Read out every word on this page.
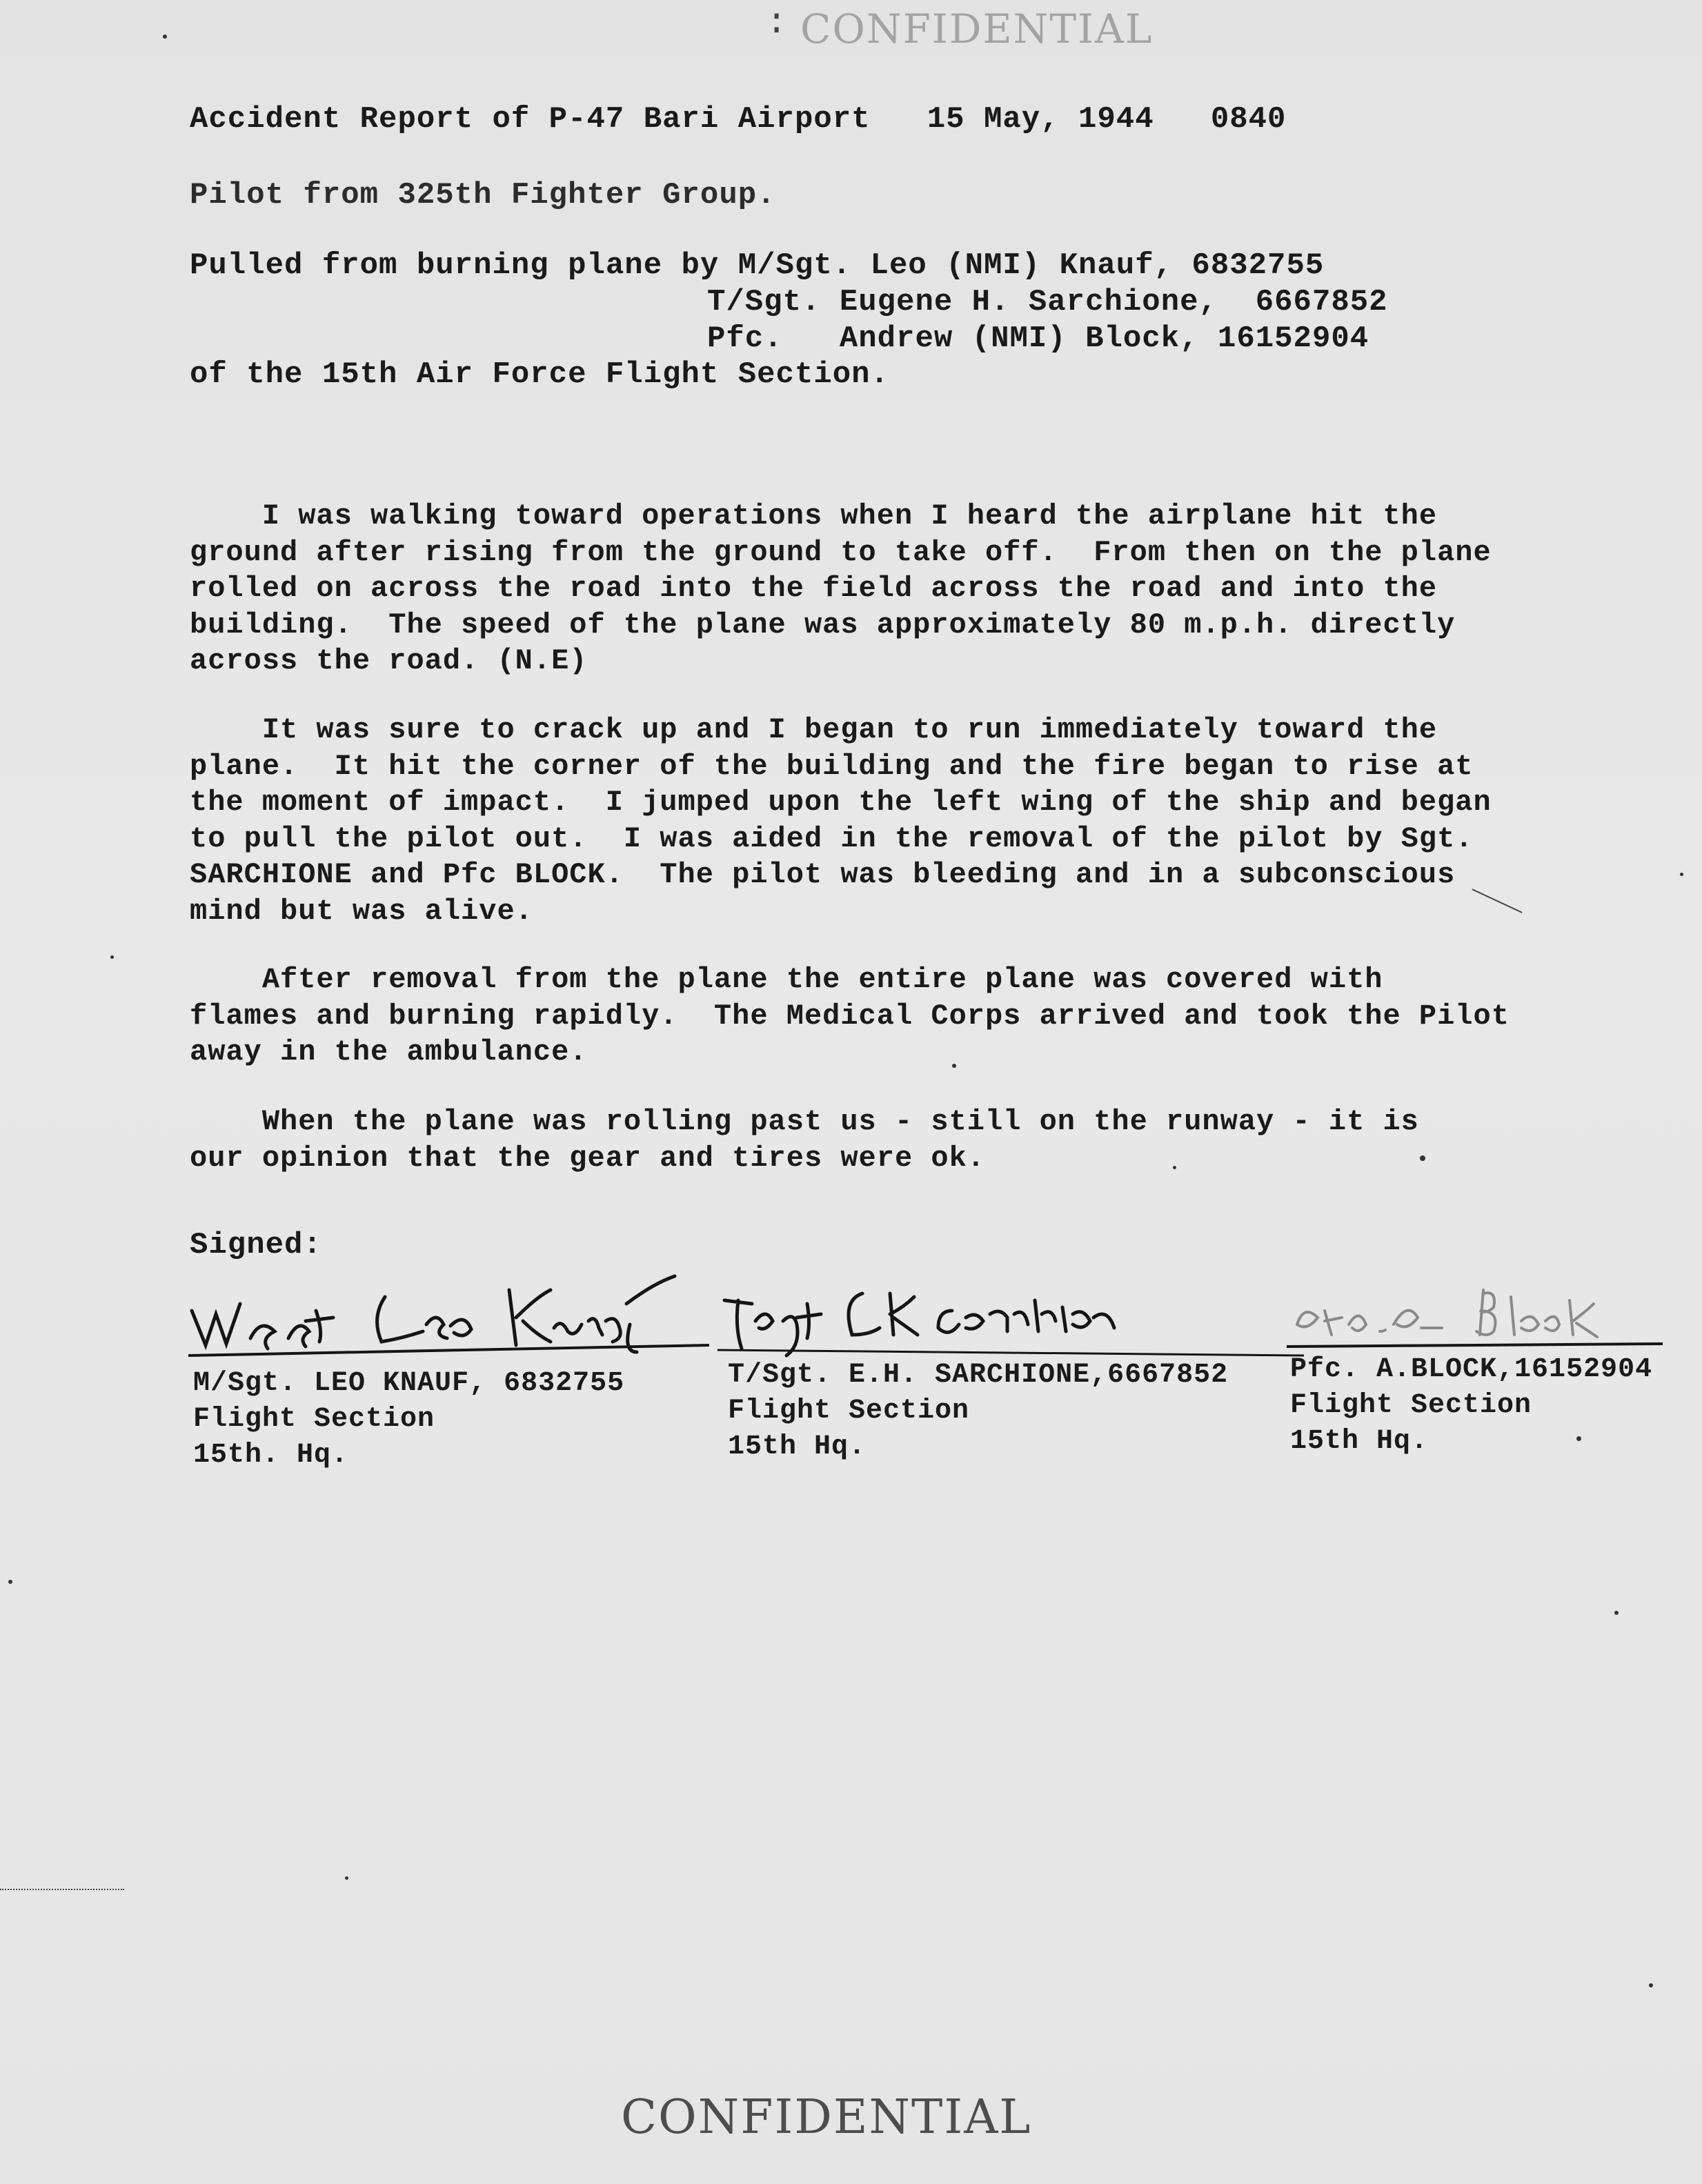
: CONFIDENTIAL
Accident Report of P-47 Bari Airport   15 May, 1944   0840
Pilot from 325th Fighter Group.
Pulled from burning plane by M/Sgt. Leo (NMI) Knauf, 6832755
T/Sgt. Eugene H. Sarchione,  6667852
Pfc.   Andrew (NMI) Block, 16152904
of the 15th Air Force Flight Section.
I was walking toward operations when I heard the airplane hit the
ground after rising from the ground to take off.  From then on the plane
rolled on across the road into the field across the road and into the
building.  The speed of the plane was approximately 80 m.p.h. directly
across the road. (N.E)
It was sure to crack up and I began to run immediately toward the
plane.  It hit the corner of the building and the fire began to rise at
the moment of impact.  I jumped upon the left wing of the ship and began
to pull the pilot out.  I was aided in the removal of the pilot by Sgt.
SARCHIONE and Pfc BLOCK.  The pilot was bleeding and in a subconscious
mind but was alive.
After removal from the plane the entire plane was covered with
flames and burning rapidly.  The Medical Corps arrived and took the Pilot
away in the ambulance.
When the plane was rolling past us - still on the runway - it is
our opinion that the gear and tires were ok.
Signed:
M/Sgt. LEO KNAUF, 6832755
Flight Section
15th. Hq.
T/Sgt. E.H. SARCHIONE,6667852
Flight Section
15th Hq.
Pfc. A.BLOCK,16152904
Flight Section
15th Hq.
CONFIDENTIAL
